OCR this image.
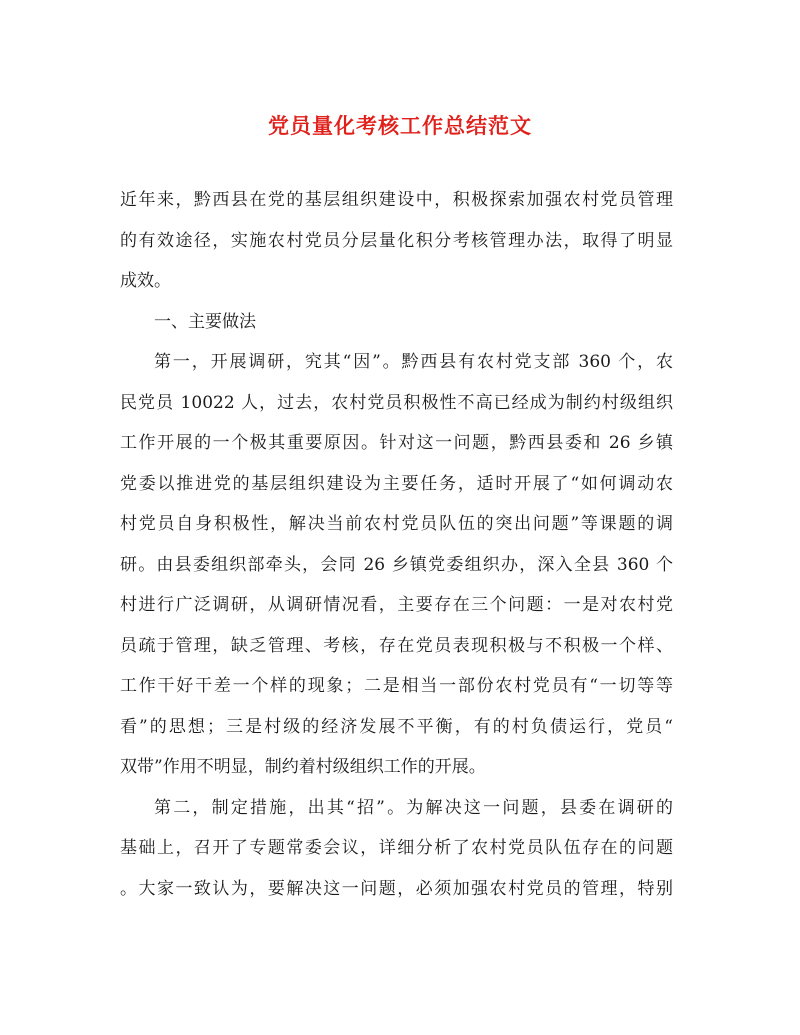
党员量化考核工作总结范文
近年来，黔西县在党的基层组织建设中，积极探索加强农村党员管理
的有效途径，实施农村党员分层量化积分考核管理办法，取得了明显
成效。
一、主要做法
第一，开展调研，究其“因”。黔西县有农村党支部 360 个，农
民党员 10022 人，过去，农村党员积极性不高已经成为制约村级组织
工作开展的一个极其重要原因。针对这一问题，黔西县委和 26 乡镇
党委以推进党的基层组织建设为主要任务，适时开展了“如何调动农
村党员自身积极性，解决当前农村党员队伍的突出问题”等课题的调
研。由县委组织部牵头，会同 26 乡镇党委组织办，深入全县 360 个
村进行广泛调研，从调研情况看，主要存在三个问题：一是对农村党
员疏于管理，缺乏管理、考核，存在党员表现积极与不积极一个样、
工作干好干差一个样的现象；二是相当一部份农村党员有“一切等等
看”的思想；三是村级的经济发展不平衡，有的村负债运行，党员“
双带”作用不明显，制约着村级组织工作的开展。
第二，制定措施，出其“招”。为解决这一问题，县委在调研的
基础上，召开了专题常委会议，详细分析了农村党员队伍存在的问题
。大家一致认为，要解决这一问题，必须加强农村党员的管理，特别
